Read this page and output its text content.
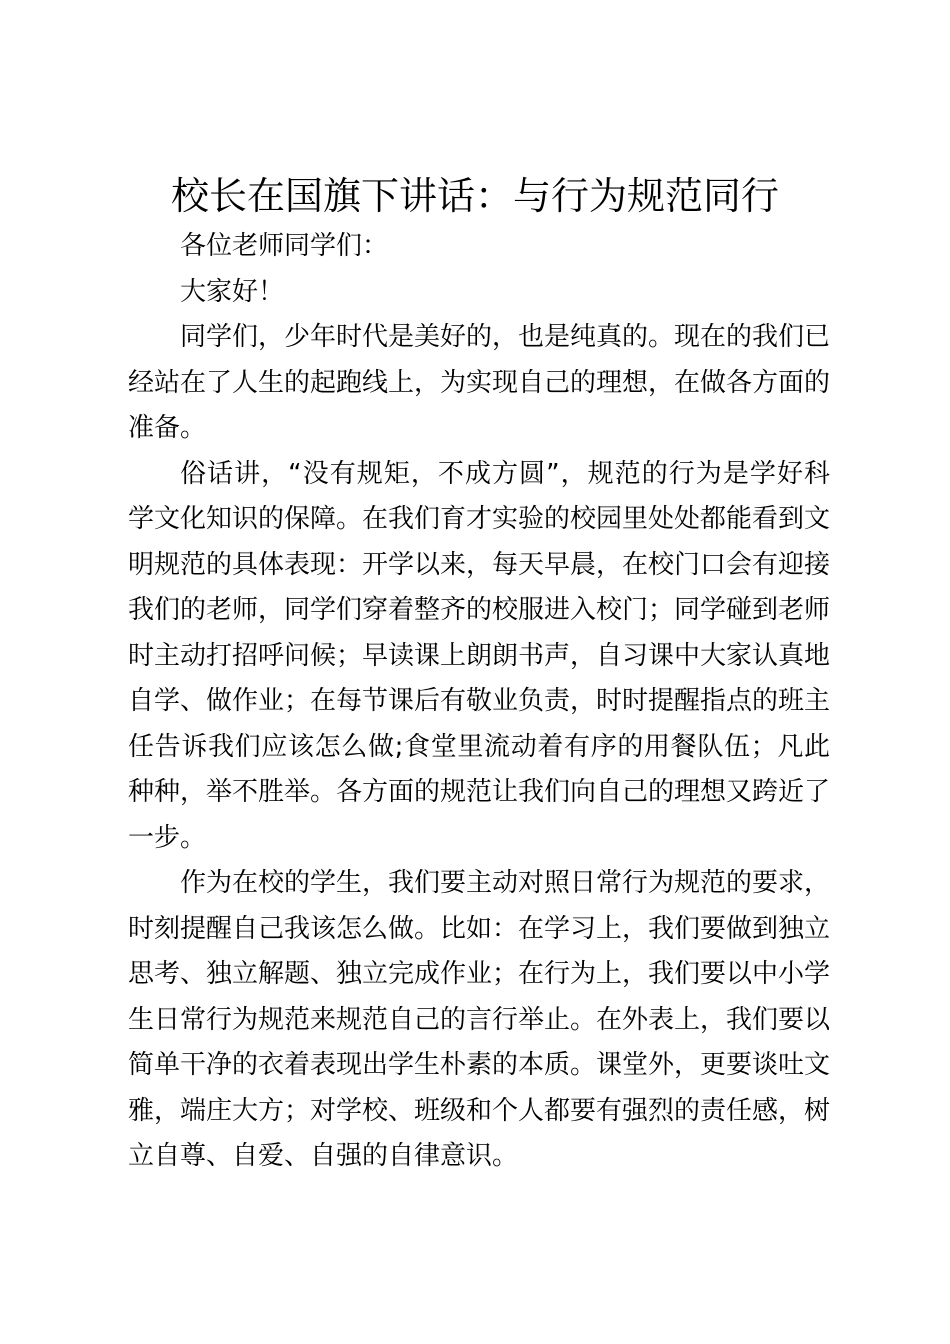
校长在国旗下讲话：与行为规范同行

各位老师同学们：

大家好！

同学们，少年时代是美好的，也是纯真的。现在的我们已经站在了人生的起跑线上，为实现自己的理想，在做各方面的准备。

俗话讲，“没有规矩，不成方圆”，规范的行为是学好科学文化知识的保障。在我们育才实验的校园里处处都能看到文明规范的具体表现：开学以来，每天早晨，在校门口会有迎接我们的老师，同学们穿着整齐的校服进入校门；同学碰到老师时主动打招呼问候；早读课上朗朗书声，自习课中大家认真地自学、做作业；在每节课后有敬业负责，时时提醒指点的班主任告诉我们应该怎么做;食堂里流动着有序的用餐队伍；凡此种种，举不胜举。各方面的规范让我们向自己的理想又跨近了一步。

作为在校的学生，我们要主动对照日常行为规范的要求，时刻提醒自己我该怎么做。比如：在学习上，我们要做到独立思考、独立解题、独立完成作业；在行为上，我们要以中小学生日常行为规范来规范自己的言行举止。在外表上，我们要以简单干净的衣着表现出学生朴素的本质。课堂外，更要谈吐文雅，端庄大方；对学校、班级和个人都要有强烈的责任感，树立自尊、自爱、自强的自律意识。
